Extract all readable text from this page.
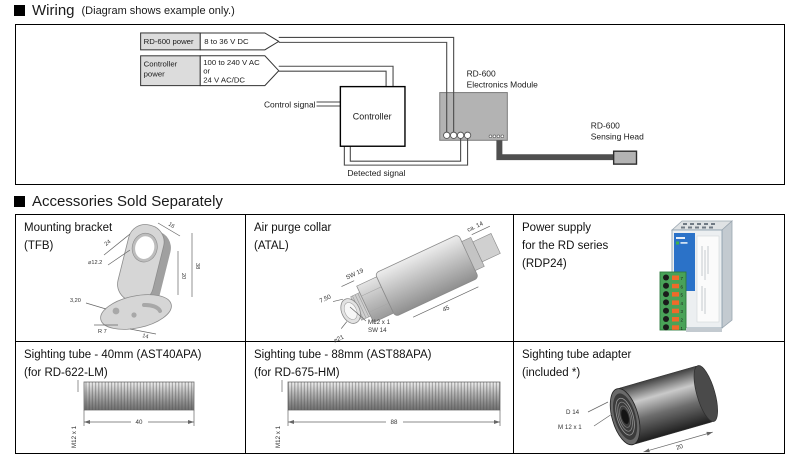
Wiring (Diagram shows example only.)
RD-600 power 8 to 36 V DC
Controller
power
100 to 240 V AC
or
24 V AC/DC
Controller
Control signal
RD-600
Electronics Module
RD-600
Sensing Head
Detected signal
Accessories Sold Separately
Mounting bracket
(TFB)
16
24
⌀12.2	38
20
3,20
R 7
14
Air purge collar
(ATAL)
SW 19
7.50
⌀21
45
ca. 14
M12 x 1
SW 14
Power supply
for the RD series
(RDP24)
7
6
5
4
3
2
1
Sighting tube - 40mm (AST40APA)
(for RD-622-LM)
40
M12 x 1
Sighting tube - 88mm (AST88APA)
(for RD-675-HM)
88
M12 x 1
Sighting tube adapter
(included *)
20
D 14
M 12 x 1
